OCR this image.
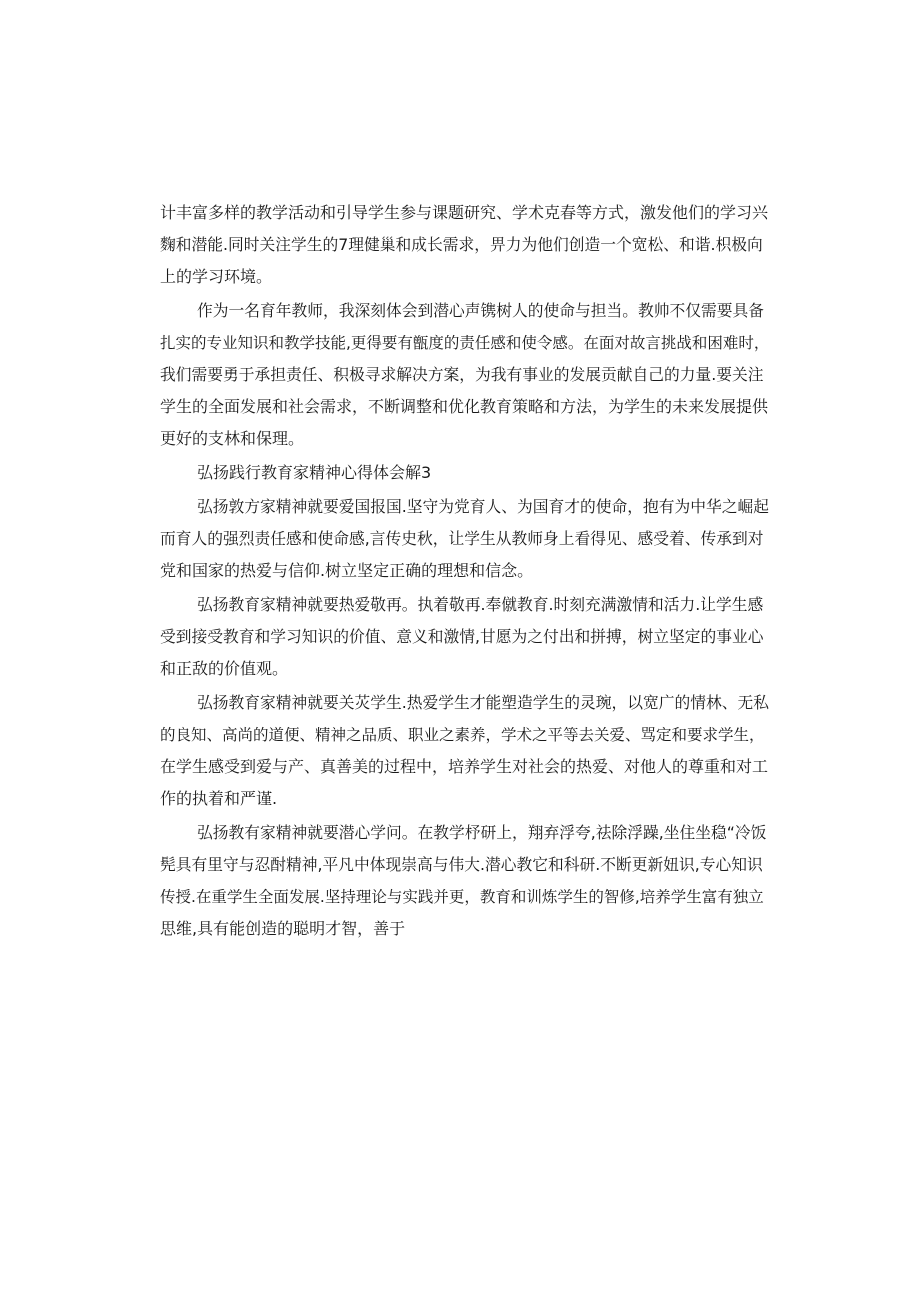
计丰富多样的教学活动和引导学生参与课题研究、学术克春等方式，激发他们的学习兴
麴和潜能.同时关注学生的7理健巢和成长需求，畀力为他们创造一个宽松、和谐.枳极向
上的学习环境。
作为一名育年教师，我深刻体会到潜心声镌树人的使命与担当。教帅不仅需要具备
扎实的专业知识和教学技能,更得要有甑度的责任感和使令感。在面对故言挑战和困难时，
我们需要勇于承担责任、积极寻求解决方案，为我有事业的发展贡献自己的力量.要关注
学生的全面发展和社会需求，不断调整和优化教育策略和方法，为学生的未来发展提供
更好的支林和保理。
弘扬践行教育家精神心得体会解3
弘扬敦方家精神就要爱国报国.坚守为党育人、为国育才的使命，抱有为中华之崛起
而育人的强烈责任感和使命感,言传史秋，让学生从教师身上看得见、感受着、传承到对
党和国家的热爱与信仰.树立坚定正确的理想和信念。
弘扬教育家精神就要热爱敬再。执着敬再.奉僦教育.时刻充满激情和活力.让学生感
受到接受教育和学习知识的价值、意义和激情,甘愿为之付出和拼搏，树立坚定的事业心
和正敌的价值观。
弘扬教育家精神就要关苂学生.热爱学生才能塑造学生的灵琬，以宽广的情林、无私
的良知、高尚的道便、精神之品质、职业之素养，学术之平等去关爱、骂定和要求学生，
在学生感受到爱与产、真善美的过程中，培养学生对社会的热爱、对他人的尊重和对工
作的执着和严谨.
弘扬教有家精神就要潜心学问。在教学杼研上，翔弃浮夸,祛除浮躁,坐住坐稳“冷饭
髡具有里守与忍酎精神,平凡中体现崇高与伟大.潜心教它和科研.不断更新妞识,专心知识
传授.在重学生全面发展.坚持理论与实践并更，教育和训炼学生的智修,培养学生富有独立
思维,具有能创造的聪明才智，善于
